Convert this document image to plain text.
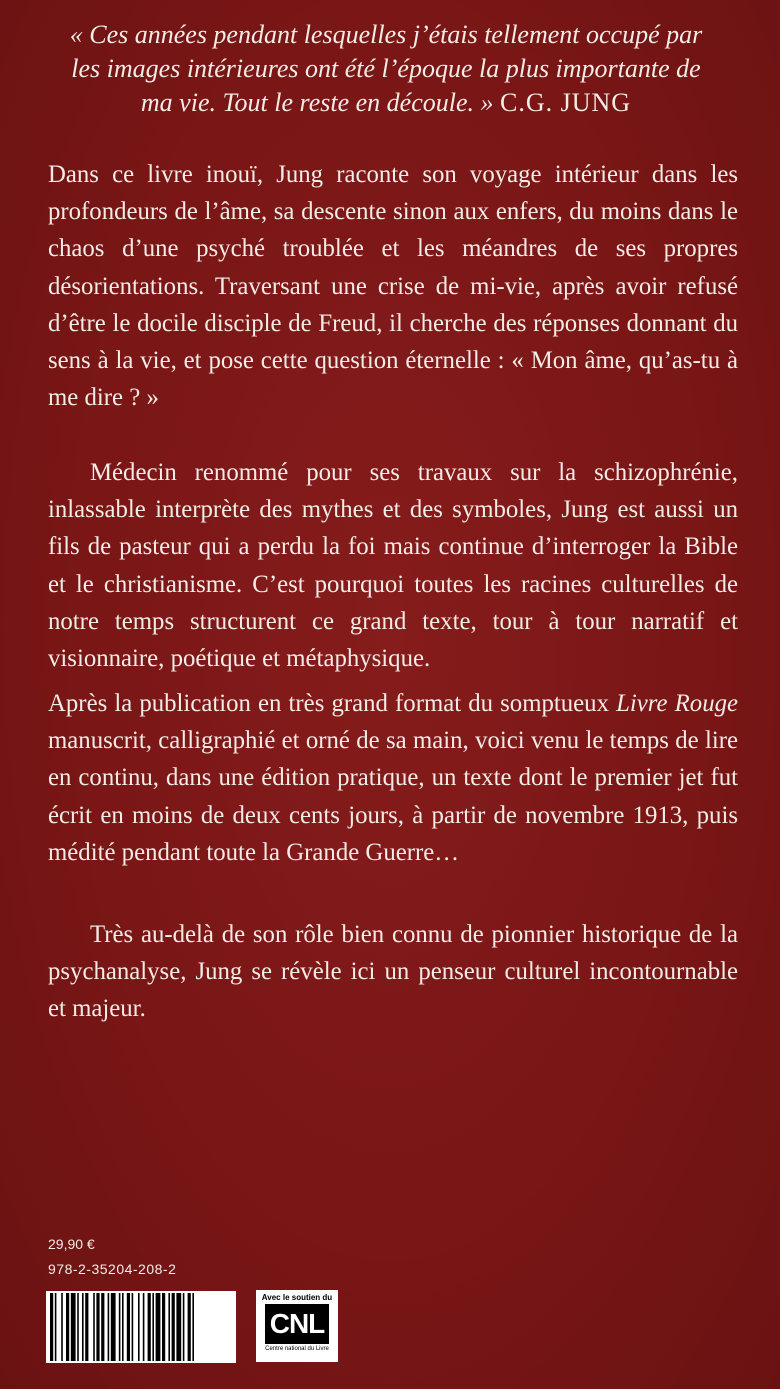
« Ces années pendant lesquelles j’étais tellement occupé par les images intérieures ont été l’époque la plus importante de ma vie. Tout le reste en découle. » C.G. JUNG

Dans ce livre inouï, Jung raconte son voyage intérieur dans les profondeurs de l’âme, sa descente sinon aux enfers, du moins dans le chaos d’une psyché troublée et les méandres de ses propres désorientations. Traversant une crise de mi-vie, après avoir refusé d’être le docile disciple de Freud, il cherche des réponses donnant du sens à la vie, et pose cette question éternelle : « Mon âme, qu’as-tu à me dire ? »

Médecin renommé pour ses travaux sur la schizophrénie, inlassable interprète des mythes et des symboles, Jung est aussi un fils de pasteur qui a perdu la foi mais continue d’interroger la Bible et le christianisme. C’est pourquoi toutes les racines culturelles de notre temps structurent ce grand texte, tour à tour narratif et visionnaire, poétique et métaphysique.

Après la publication en très grand format du somptueux Livre Rouge manuscrit, calligraphié et orné de sa main, voici venu le temps de lire en continu, dans une édition pratique, un texte dont le premier jet fut écrit en moins de deux cents jours, à partir de novembre 1913, puis médité pendant toute la Grande Guerre…

Très au-delà de son rôle bien connu de pionnier historique de la psychanalyse, Jung se révèle ici un penseur culturel incontournable et majeur.

29,90 €
978-2-35204-208-2
Avec le soutien du
CNL
Centre national du Livre
